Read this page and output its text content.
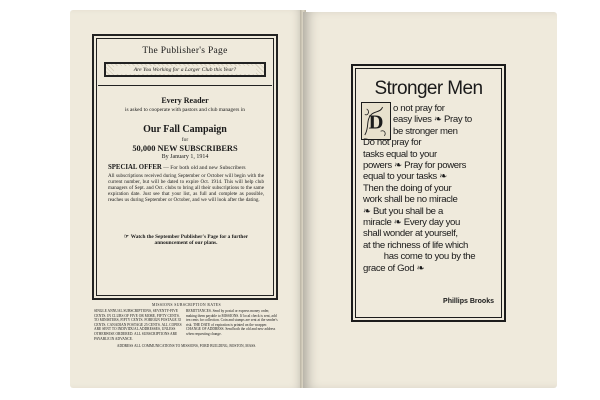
The Publisher's Page
Are You Working for a Larger Club this Year?
Every Reader
is asked to cooperate with pastors and club managers in
Our Fall Campaign
for
50,000 NEW SUBSCRIBERS
By January 1, 1914
SPECIAL OFFER — For both old and new Subscribers
All subscriptions received during September or October will begin with the current number, but will be dated to expire Oct. 1914. This will help club managers of Sept. and Oct. clubs to bring all their subscriptions to the same expiration date. Just see that your list, as full and complete as possible, reaches us during September or October, and we will look after the dating.
☞ Watch the September Publisher's Page for a further announcement of our plans.
MISSIONS SUBSCRIPTION RATES
SINGLE ANNUAL SUBSCRIPTIONS, SEVENTY-FIVE CENTS. IN CLUBS OF FIVE OR MORE, FIFTY CENTS. TO MINISTERS, FIFTY CENTS. FOREIGN POSTAGE 35 CENTS. CANADIAN POSTAGE 25 CENTS. ALL COPIES ARE SENT TO INDIVIDUAL ADDRESSES, UNLESS OTHERWISE ORDERED. ALL SUBSCRIPTIONS ARE PAYABLE IN ADVANCE.
REMITTANCES. Send by postal or express money order, making them payable to MISSIONS. If local check is sent, add ten cents for collection. Coin and stamps are sent at the sender's risk. THE DATE of expiration is printed on the wrapper. CHANGE OF ADDRESS. Send both the old and new address when requesting change.
ADDRESS ALL COMMUNICATIONS TO MISSIONS, FORD BUILDING, BOSTON, MASS.
Stronger Men
D
o not pray for
easy lives ❧ Pray to
be stronger men
Do not pray for
tasks equal to your
powers ❧ Pray for powers
equal to your tasks ❧
Then the doing of your
work shall be no miracle
❧ But you shall be a
miracle ❧ Every day you
shall wonder at yourself,
at the richness of life which
has come to you by the
grace of God ❧
Phillips Brooks
